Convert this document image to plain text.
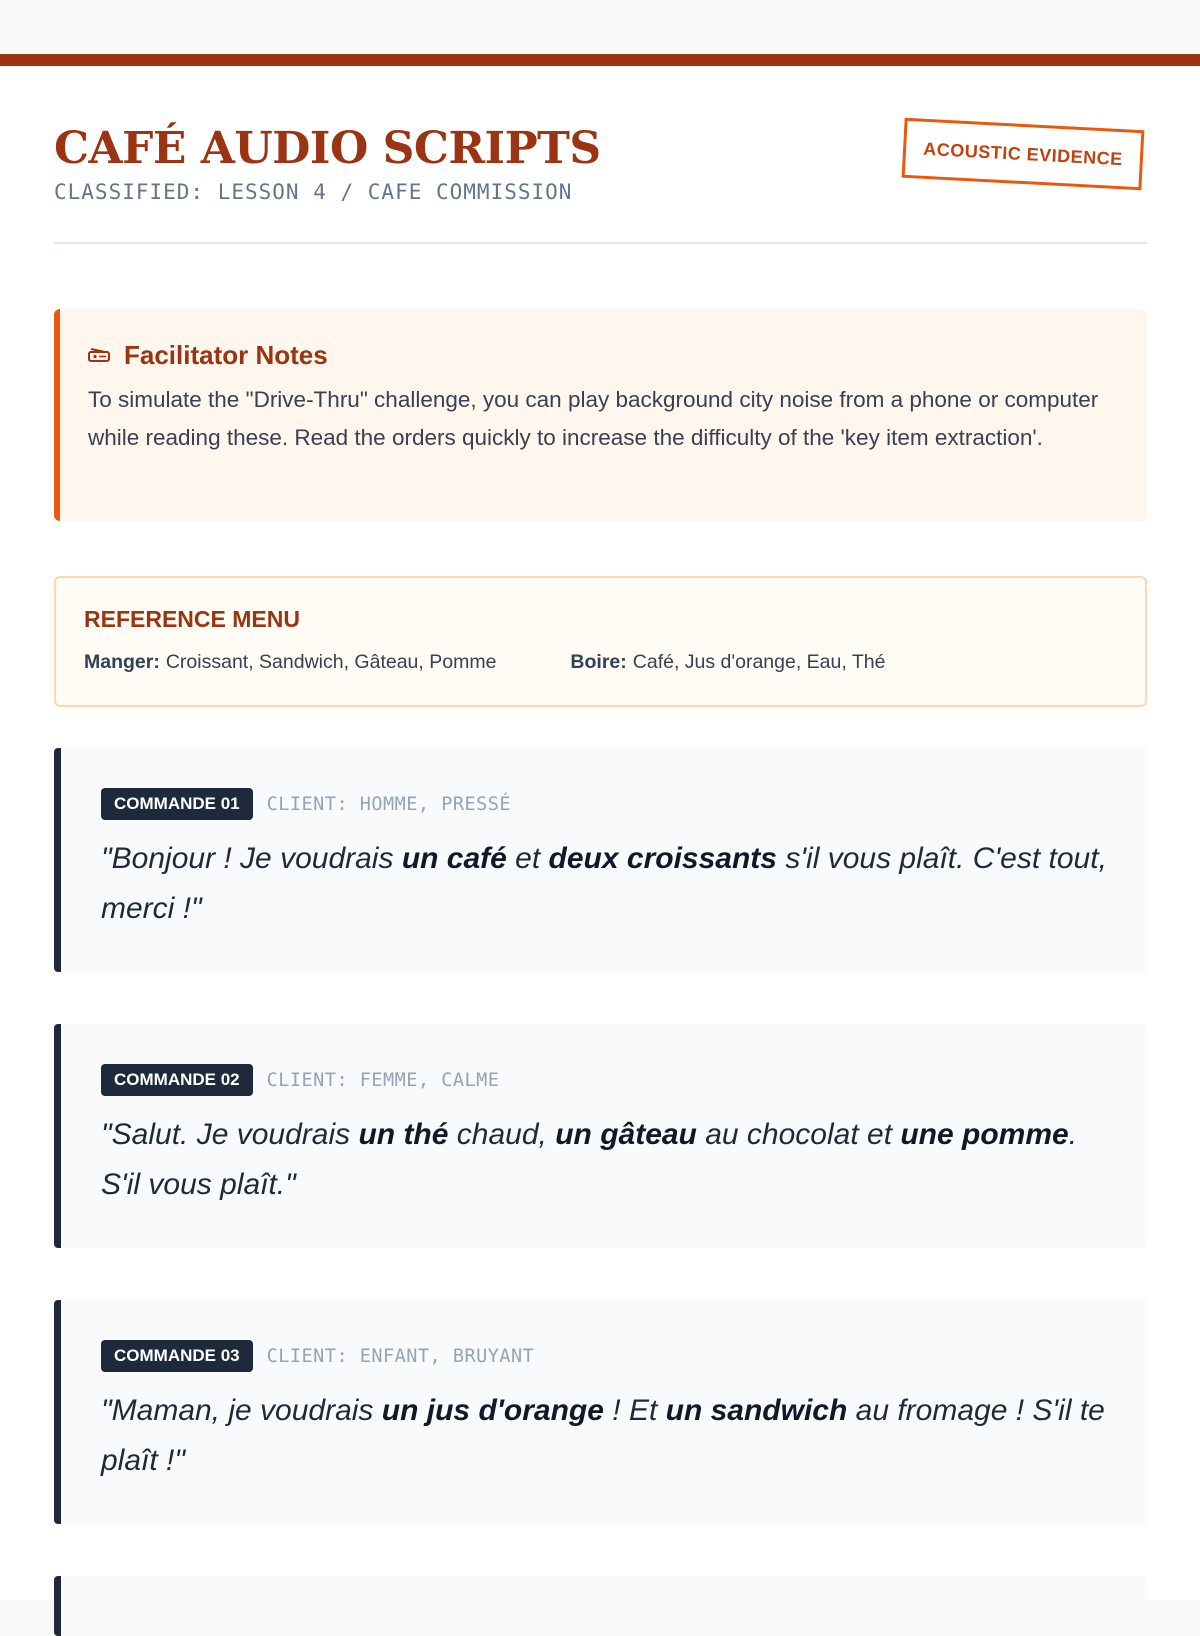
CAFÉ AUDIO SCRIPTS
CLASSIFIED: LESSON 4 / CAFE COMMISSION
ACOUSTIC EVIDENCE
Facilitator Notes
To simulate the "Drive-Thru" challenge, you can play background city noise from a phone or computer while reading these. Read the orders quickly to increase the difficulty of the 'key item extraction'.
REFERENCE MENU
Manger: Croissant, Sandwich, Gâteau, Pomme	Boire: Café, Jus d'orange, Eau, Thé
COMMANDE 01	CLIENT: HOMME, PRESSÉ
"Bonjour ! Je voudrais un café et deux croissants s'il vous plaît. C'est tout, merci !"
COMMANDE 02	CLIENT: FEMME, CALME
"Salut. Je voudrais un thé chaud, un gâteau au chocolat et une pomme. S'il vous plaît."
COMMANDE 03	CLIENT: ENFANT, BRUYANT
"Maman, je voudrais un jus d'orange ! Et un sandwich au fromage ! S'il te plaît !"
